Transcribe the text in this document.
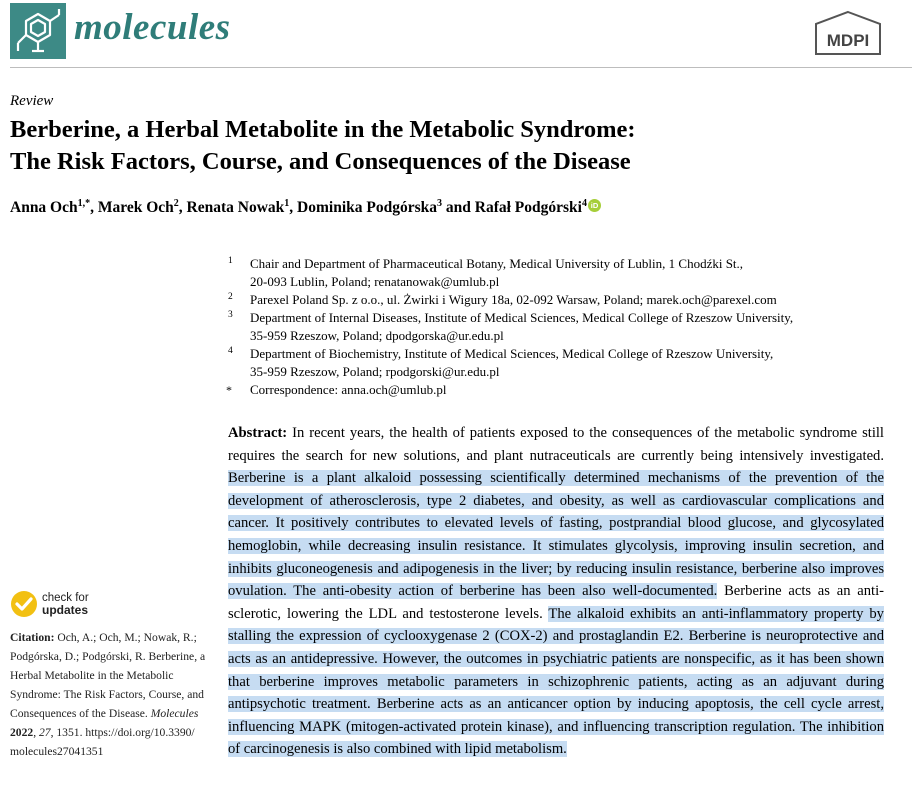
molecules	MDPI
Review
Berberine, a Herbal Metabolite in the Metabolic Syndrome:
The Risk Factors, Course, and Consequences of the Disease
Anna Och$^{1,*}$, Marek Och$^2$, Renata Nowak$^1$, Dominika Podgórska$^3$ and Rafał Podgórski$^4$ iD
1 Chair and Department of Pharmaceutical Botany, Medical University of Lublin, 1 Chodźki St.,
20-093 Lublin, Poland; renatanowak@umlub.pl
2 Parexel Poland Sp. z o.o., ul. Żwirki i Wigury 18a, 02-092 Warsaw, Poland; marek.och@parexel.com
3 Department of Internal Diseases, Institute of Medical Sciences, Medical College of Rzeszow University,
35-959 Rzeszow, Poland; dpodgorska@ur.edu.pl
4 Department of Biochemistry, Institute of Medical Sciences, Medical College of Rzeszow University,
35-959 Rzeszow, Poland; rpodgorski@ur.edu.pl
* Correspondence: anna.och@umlub.pl
Abstract: In recent years, the health of patients exposed to the consequences of the metabolic syndrome still requires the search for new solutions, and plant nutraceuticals are currently being intensively investigated. Berberine is a plant alkaloid possessing scientifically determined mechanisms of the prevention of the development of atherosclerosis, type 2 diabetes, and obesity, as well as cardiovascular complications and cancer. It positively contributes to elevated levels of fasting, postprandial blood glucose, and glycosylated hemoglobin, while decreasing insulin resistance. It stimulates glycolysis, improving insulin secretion, and inhibits gluconeogenesis and adipogenesis in the liver; by reducing insulin resistance, berberine also improves ovulation. The anti-obesity action of berberine has been also well-documented. Berberine acts as an anti-sclerotic, lowering the LDL and testosterone levels. The alkaloid exhibits an anti-inflammatory property by stalling the expression of cyclooxygenase 2 (COX-2) and prostaglandin E2. Berberine is neuroprotective and acts as an antidepressive. However, the outcomes in psychiatric patients are nonspecific, as it has been shown that berberine improves metabolic parameters in schizophrenic patients, acting as an adjuvant during antipsychotic treatment. Berberine acts as an anticancer option by inducing apoptosis, the cell cycle arrest, influencing MAPK (mitogen-activated protein kinase), and influencing transcription regulation. The inhibition of carcinogenesis is also combined with lipid metabolism.
check for
updates
Citation: Och, A.; Och, M.; Nowak, R.; Podgórska, D.; Podgórski, R. Berberine, a Herbal Metabolite in the Metabolic Syndrome: The Risk Factors, Course, and Consequences of the Disease. Molecules 2022, 27, 1351. https://doi.org/10.3390/ molecules27041351
